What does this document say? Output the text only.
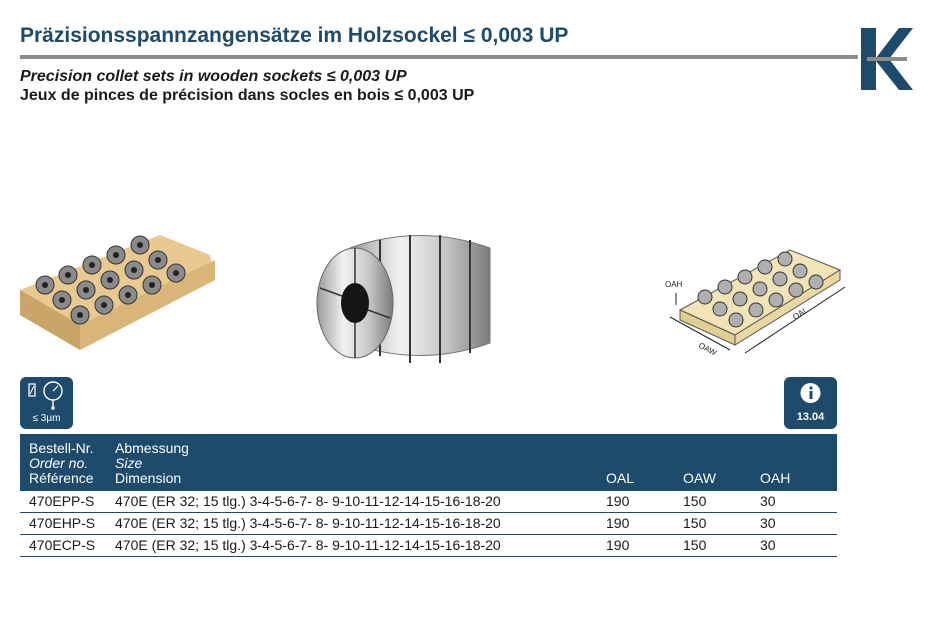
Präzisionsspannzangensätze im Holzsockel ≤ 0,003 UP
Precision collet sets in wooden sockets ≤ 0,003 UP
Jeux de pinces de précision dans socles en bois ≤ 0,003 UP
OAH
OAW
OAL
≤ 3µm	13.04
Bestell-Nr.
Order no.
Référence
Abmessung
Size
Dimension	OAL	OAW	OAH
470EPP-S 470E (ER 32; 15 tlg.) 3-4-5-6-7- 8- 9-10-11-12-14-15-16-18-20	190	150	30
470EHP-S 470E (ER 32; 15 tlg.) 3-4-5-6-7- 8- 9-10-11-12-14-15-16-18-20	190	150	30
470ECP-S 470E (ER 32; 15 tlg.) 3-4-5-6-7- 8- 9-10-11-12-14-15-16-18-20	190	150	30
